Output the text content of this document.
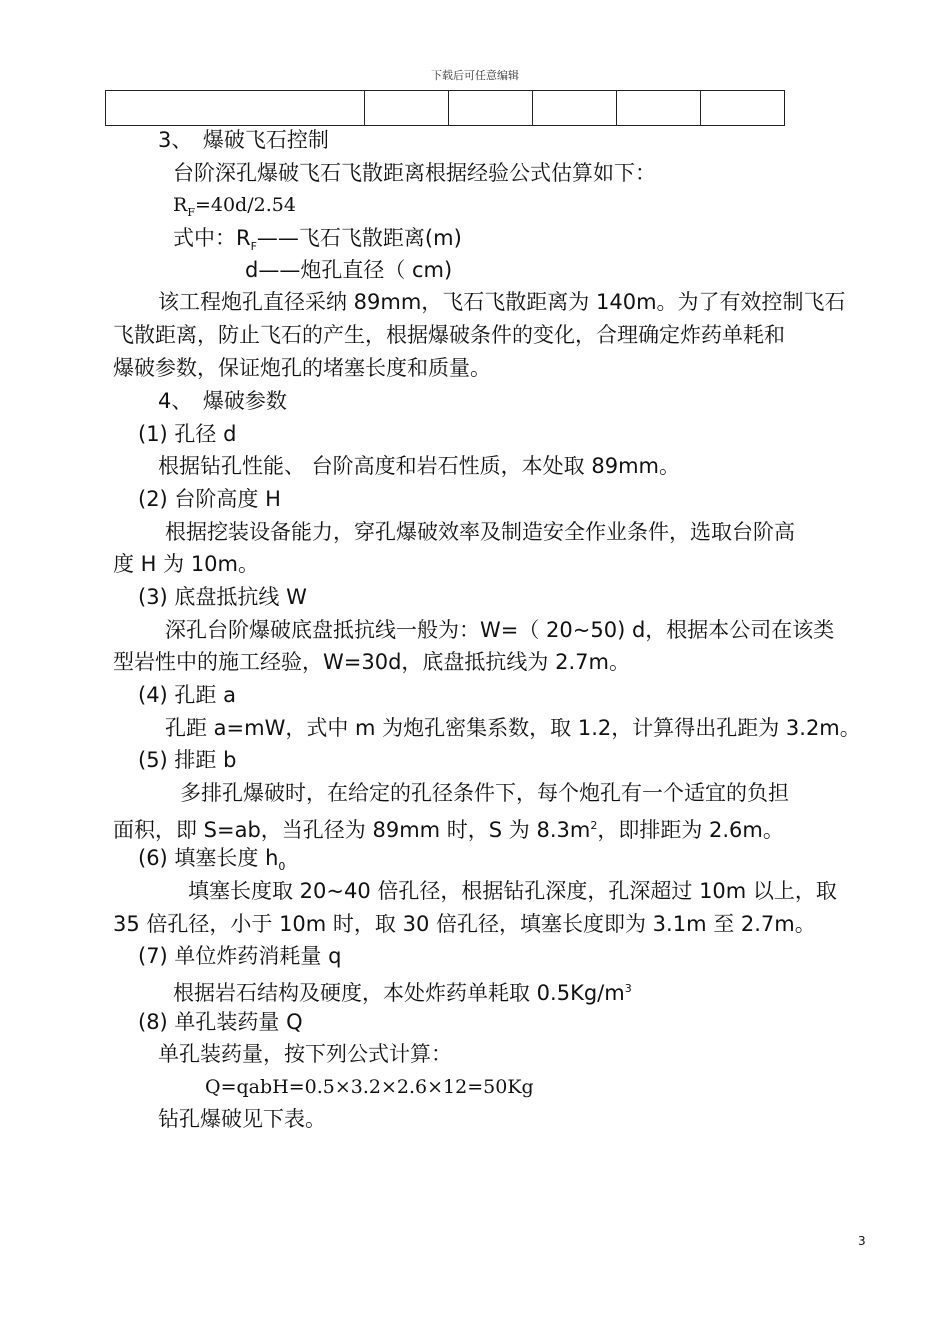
下载后可任意编辑

3、　爆破飞石控制
台阶深孔爆破飞石飞散距离根据经验公式估算如下：
$R_F=40d/2.54$
式中：$R_F——$飞石飞散距离(m)
d——炮孔直径（ cm)
该工程炮孔直径采纳 89mm，飞石飞散距离为 140m。为了有效控制飞石
飞散距离，防止飞石的产生，根据爆破条件的变化，合理确定炸药单耗和
爆破参数，保证炮孔的堵塞长度和质量。
4、　爆破参数
(1) 孔径 d
根据钻孔性能、 台阶高度和岩石性质，本处取 89mm。
(2) 台阶高度 H
根据挖装设备能力，穿孔爆破效率及制造安全作业条件，选取台阶高
度 H 为 10m。
(3) 底盘抵抗线 W
深孔台阶爆破底盘抵抗线一般为：W=（ 20~50) d，根据本公司在该类
型岩性中的施工经验，W=30d，底盘抵抗线为 2.7m。
(4) 孔距 a
孔距 a=mW，式中 m 为炮孔密集系数，取 1.2，计算得出孔距为 3.2m。
(5) 排距 b
多排孔爆破时，在给定的孔径条件下，每个炮孔有一个适宜的负担
面积，即 S=ab，当孔径为 89mm 时，S 为 $8.3m^2$，即排距为 2.6m。
(6) 填塞长度 $h_0$
填塞长度取 20~40 倍孔径，根据钻孔深度，孔深超过 10m 以上，取
35 倍孔径，小于 10m 时，取 30 倍孔径，填塞长度即为 3.1m 至 2.7m。
(7) 单位炸药消耗量 q
根据岩石结构及硬度，本处炸药单耗取 $0.5Kg/m^3$
(8) 单孔装药量 Q
单孔装药量，按下列公式计算：
Q=qabH=0.5×3.2×2.6×12=50Kg
钻孔爆破见下表。
3
